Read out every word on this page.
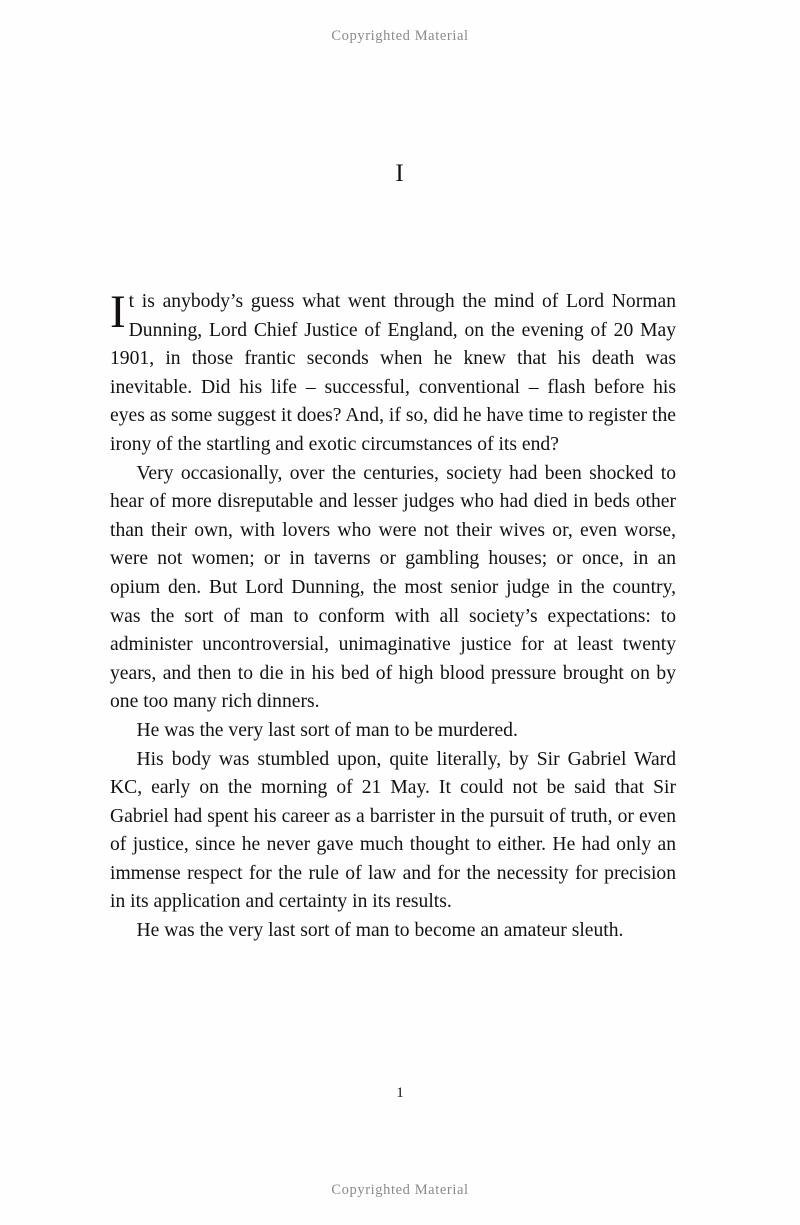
Copyrighted Material
I

It is anybody’s guess what went through the mind of Lord Norman Dunning, Lord Chief Justice of England, on the evening of 20 May 1901, in those frantic seconds when he knew that his death was inevitable. Did his life – successful, conventional – flash before his eyes as some suggest it does? And, if so, did he have time to register the irony of the startling and exotic circumstances of its end?

Very occasionally, over the centuries, society had been shocked to hear of more disreputable and lesser judges who had died in beds other than their own, with lovers who were not their wives or, even worse, were not women; or in taverns or gambling houses; or once, in an opium den. But Lord Dunning, the most senior judge in the country, was the sort of man to conform with all society’s expectations: to administer uncontroversial, unimaginative justice for at least twenty years, and then to die in his bed of high blood pressure brought on by one too many rich dinners.

He was the very last sort of man to be murdered.

His body was stumbled upon, quite literally, by Sir Gabriel Ward KC, early on the morning of 21 May. It could not be said that Sir Gabriel had spent his career as a barrister in the pursuit of truth, or even of justice, since he never gave much thought to either. He had only an immense respect for the rule of law and for the necessity for precision in its application and certainty in its results.

He was the very last sort of man to become an amateur sleuth.

1
Copyrighted Material
